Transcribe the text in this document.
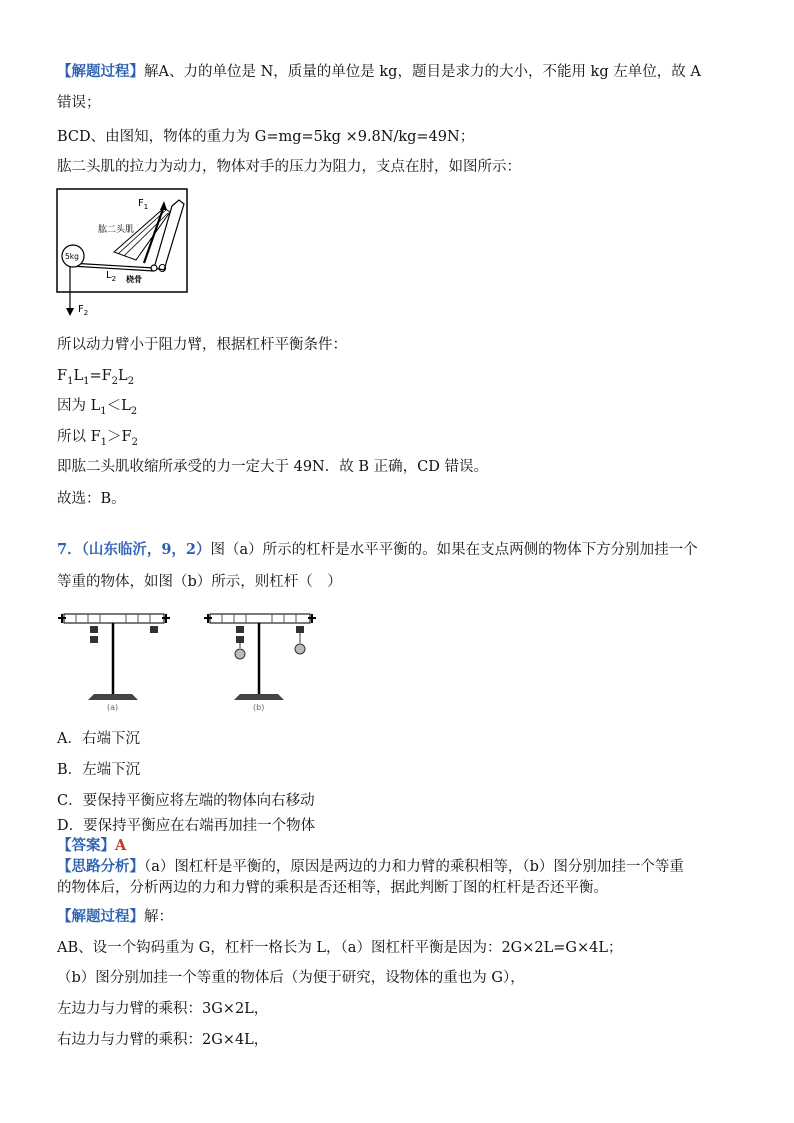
【解题过程】解A、力的单位是 N，质量的单位是 kg，题目是求力的大小，不能用 kg 左单位，故 A
错误；
BCD、由图知，物体的重力为 G=mg=5kg ×9.8N/kg=49N；
肱二头肌的拉力为动力，物体对手的压力为阻力，支点在肘，如图所示：
$F_1$
肱二头肌
5kg
O
$L_2$ 桡骨
$F_2$
所以动力臂小于阻力臂，根据杠杆平衡条件：
$F_1L_1=F_2L_2$
因为 $L_1<L_2$
所以 $F_1>F_2$
即肱二头肌收缩所承受的力一定大于 49N．故 B 正确，CD 错误。
故选：B。
7．（山东临沂，9，2）图（a）所示的杠杆是水平平衡的。如果在支点两侧的物体下方分别加挂一个
等重的物体，如图（b）所示，则杠杆（　）
(a)	(b)
A．右端下沉
B．左端下沉
C．要保持平衡应将左端的物体向右移动
D．要保持平衡应在右端再加挂一个物体
【答案】A
【思路分析】（a）图杠杆是平衡的，原因是两边的力和力臂的乘积相等，（b）图分别加挂一个等重
的物体后，分析两边的力和力臂的乘积是否还相等，据此判断丁图的杠杆是否还平衡。
【解题过程】解：
AB、设一个钩码重为 G，杠杆一格长为 L，（a）图杠杆平衡是因为：2G×2L=G×4L；
（b）图分别加挂一个等重的物体后（为便于研究，设物体的重也为 G），
左边力与力臂的乘积：3G×2L，
右边力与力臂的乘积：2G×4L，
